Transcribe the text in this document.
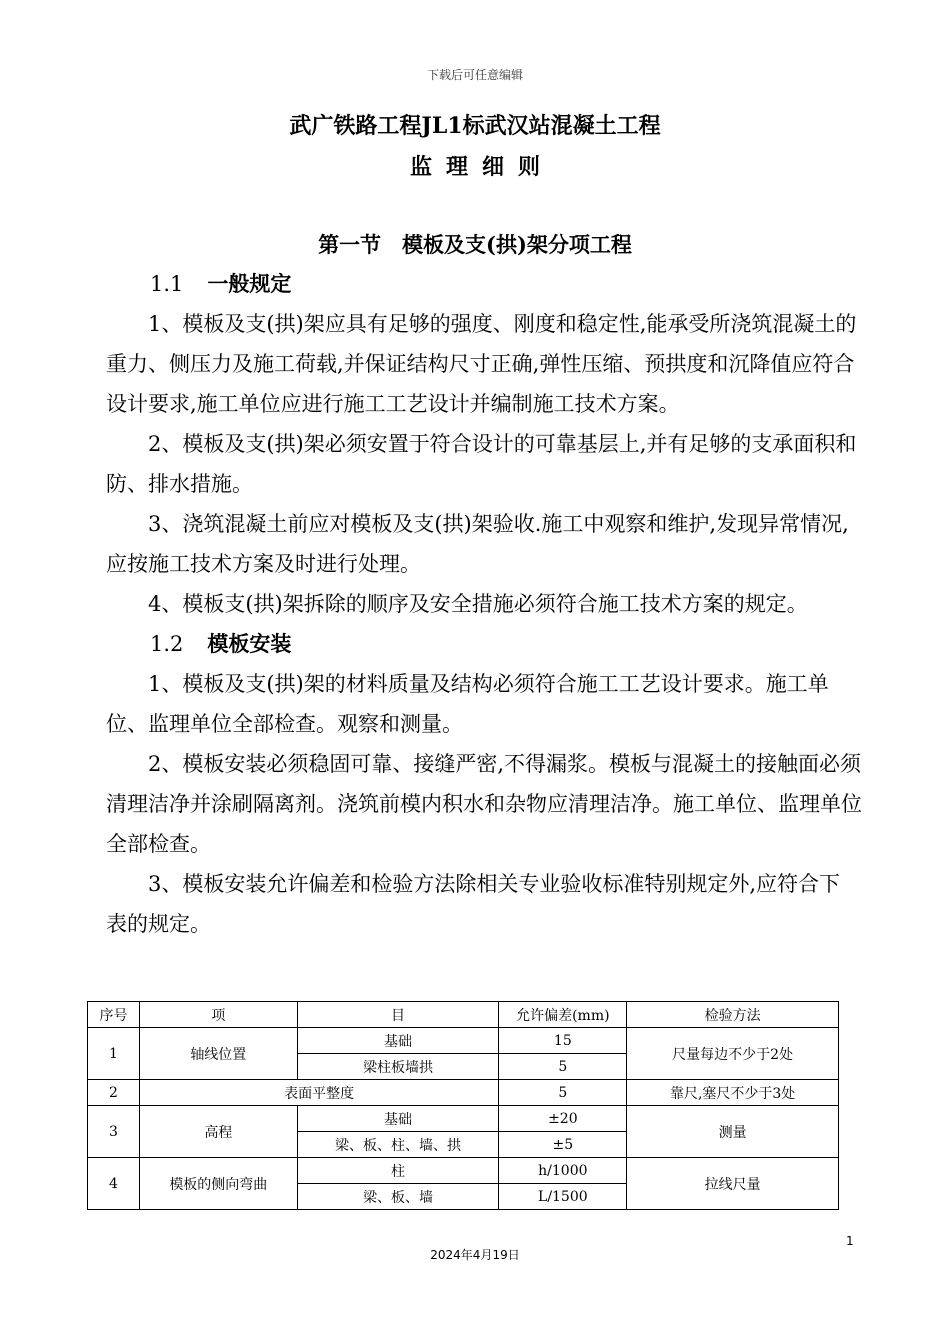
下载后可任意编辑
武广铁路工程JL1标武汉站混凝土工程
监理细则
第一节　模板及支(拱)架分项工程
1.1 一般规定

1、模板及支(拱)架应具有足够的强度、刚度和稳定性,能承受所浇筑混凝土的重力、侧压力及施工荷载,并保证结构尺寸正确,弹性压缩、预拱度和沉降值应符合设计要求,施工单位应进行施工工艺设计并编制施工技术方案。

2、模板及支(拱)架必须安置于符合设计的可靠基层上,并有足够的支承面积和防、排水措施。

3、浇筑混凝土前应对模板及支(拱)架验收.施工中观察和维护,发现异常情况,应按施工技术方案及时进行处理。

4、模板支(拱)架拆除的顺序及安全措施必须符合施工技术方案的规定。

1.2 模板安装

1、模板及支(拱)架的材料质量及结构必须符合施工工艺设计要求。施工单位、监理单位全部检查。观察和测量。

2、模板安装必须稳固可靠、接缝严密,不得漏浆。模板与混凝土的接触面必须清理洁净并涂刷隔离剂。浇筑前模内积水和杂物应清理洁净。施工单位、监理单位全部检查。

3、模板安装允许偏差和检验方法除相关专业验收标准特别规定外,应符合下表的规定。

序号	项	目	允许偏差(mm)	检验方法
1	轴线位置	基础	15	尺量每边不少于2处
		梁柱板墙拱	5	
2	表面平整度		5	靠尺,塞尺不少于3处
3	高程	基础	±20	测量
		梁、板、柱、墙、拱	±5	
4	模板的侧向弯曲	柱	h/1000	拉线尺量
		梁、板、墙	L/1500	
1
2024年4月19日
